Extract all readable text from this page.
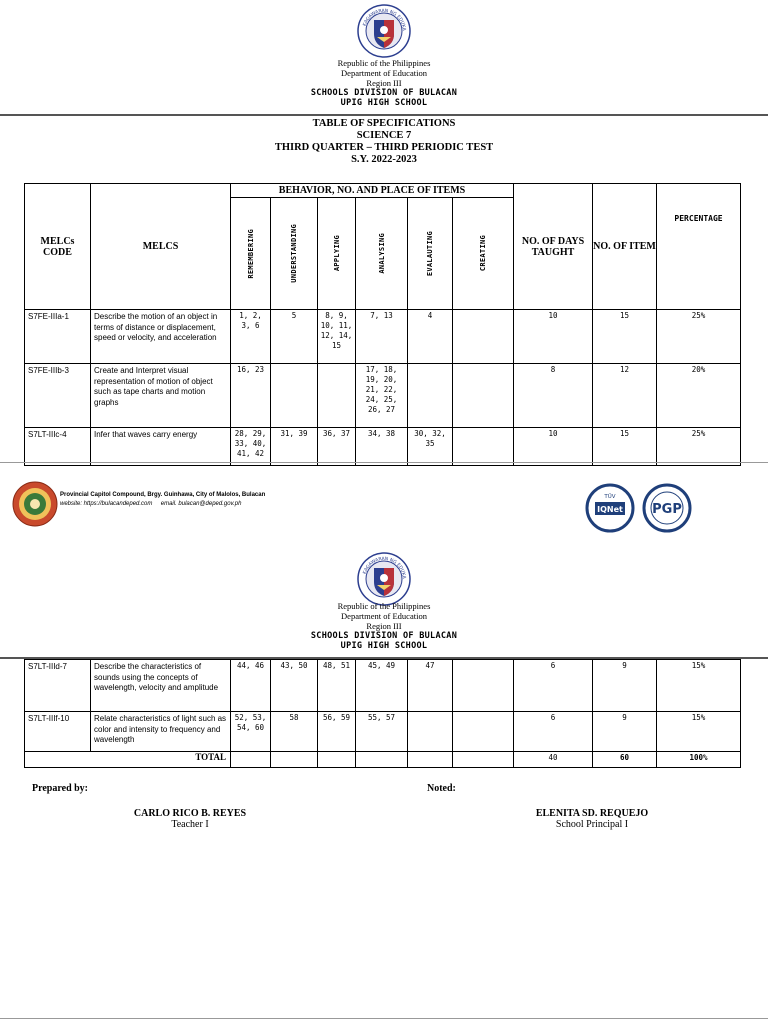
KAGAWARAN NG EDUKA
Republic of the Philippines
Department of Education
Region III
SCHOOLS DIVISION OF BULACAN
UPIG HIGH SCHOOL
TABLE OF SPECIFICATIONS
SCIENCE 7
THIRD QUARTER – THIRD PERIODIC TEST
S.Y. 2022-2023
MELCs CODE	MELCS	BEHAVIOR, NO. AND PLACE OF ITEMS						NO. OF DAYS TAUGHT	NO. OF ITEM	PERCENTAGE

		REMEMBERING	UNDERSTANDING	APPLYING	ANALYSING	EVALAUTING	CREATING			

S7FE-IIIa-1	Describe the motion of an object in terms of distance or displacement, speed or velocity, and acceleration	1, 2, 3, 6	5	8, 9, 10, 11, 12, 14, 15	7, 13	4		10	15	25%
S7FE-IIIb-3	Create and Interpret visual representation of motion of object such as tape charts and motion graphs	16, 23			17, 18, 19, 20, 21, 22, 24, 25, 26, 27			8	12	20%
S7LT-IIIc-4	Infer that waves carry energy	28, 29, 33, 40, 41, 42	31, 39	36, 37	34, 38	30, 32, 35		10	15	25%
Provincial Capitol Compound, Brgy. Guinhawa, City of Malolos, Bulacan
website: https://bulacandeped.com email. bulacan@deped.gov.ph
IQNet
TÜV
PGP
KAGAWARAN NG EDUKA
Republic of the Philippines
Department of Education
Region III
SCHOOLS DIVISION OF BULACAN
UPIG HIGH SCHOOL
S7LT-IIId-7	Describe the characteristics of sounds using the concepts of wavelength, velocity and amplitude	44, 46	43, 50	48, 51	45, 49	47		6	9	15%
S7LT-IIIf-10	Relate characteristics of light such as color and intensity to frequency and wavelength	52, 53, 54, 60	58	56, 59	55, 57			6	9	15%
TOTAL								40	60	100%
Prepared by:	Noted:
CARLO RICO B. REYES
Teacher I
ELENITA SD. REQUEJO
School Principal I
